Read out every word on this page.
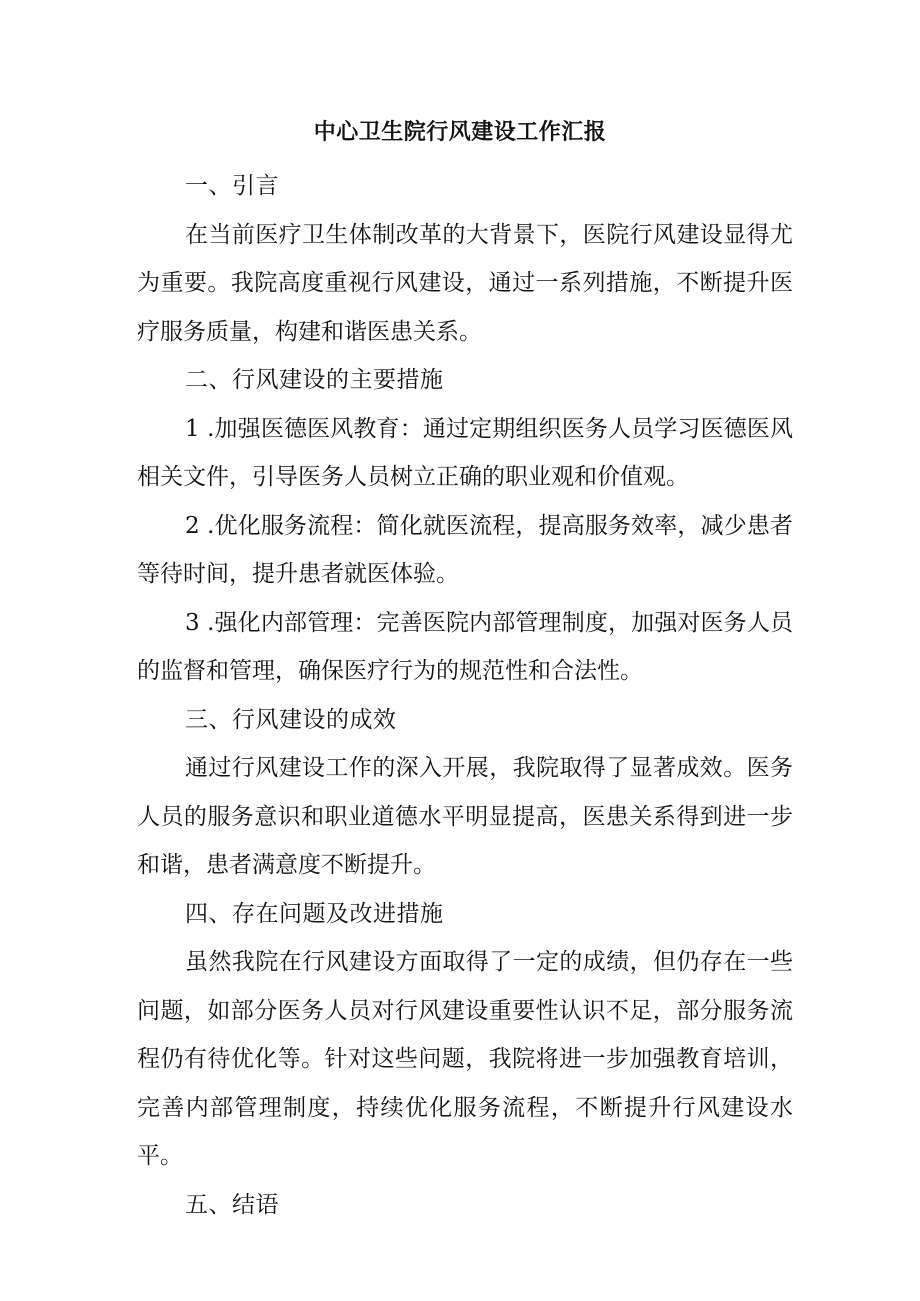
中心卫生院行风建设工作汇报

一、引言

在当前医疗卫生体制改革的大背景下，医院行风建设显得尤为重要。我院高度重视行风建设，通过一系列措施，不断提升医疗服务质量，构建和谐医患关系。

二、行风建设的主要措施

1 .加强医德医风教育：通过定期组织医务人员学习医德医风相关文件，引导医务人员树立正确的职业观和价值观。

2 .优化服务流程：简化就医流程，提高服务效率，减少患者等待时间，提升患者就医体验。

3 .强化内部管理：完善医院内部管理制度，加强对医务人员的监督和管理，确保医疗行为的规范性和合法性。

三、行风建设的成效

通过行风建设工作的深入开展，我院取得了显著成效。医务人员的服务意识和职业道德水平明显提高，医患关系得到进一步和谐，患者满意度不断提升。

四、存在问题及改进措施

虽然我院在行风建设方面取得了一定的成绩，但仍存在一些问题，如部分医务人员对行风建设重要性认识不足，部分服务流程仍有待优化等。针对这些问题，我院将进一步加强教育培训，完善内部管理制度，持续优化服务流程，不断提升行风建设水平。

五、结语
